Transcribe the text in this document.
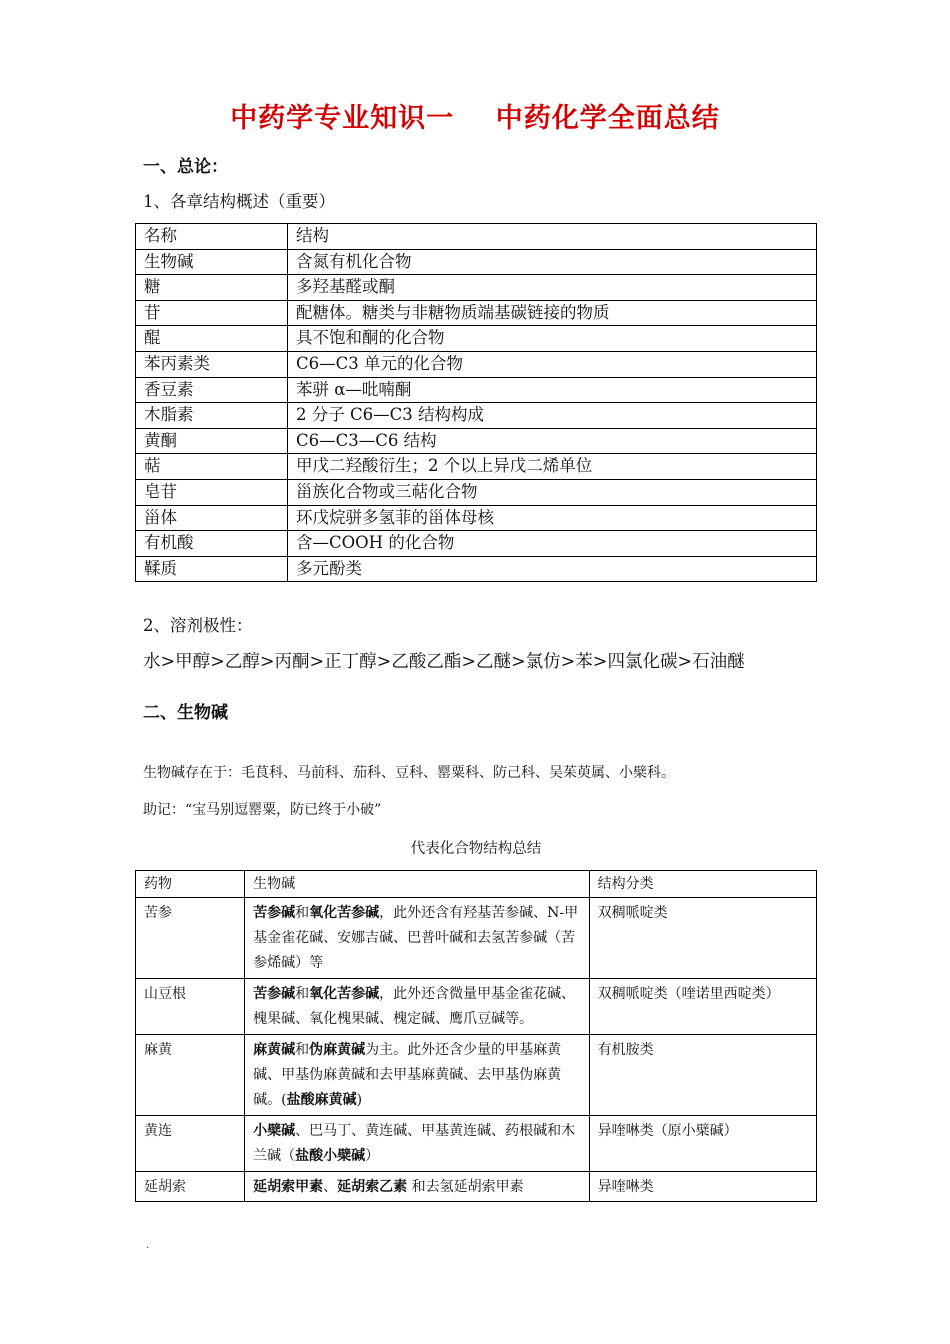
中药学专业知识一    中药化学全面总结
一、总论：
1、各章结构概述（重要）
名称	结构
生物碱	含氮有机化合物
糖	多羟基醛或酮
苷	配糖体。糖类与非糖物质端基碳链接的物质
醌	具不饱和酮的化合物
苯丙素类	C6—C3 单元的化合物
香豆素	苯骈 α—吡喃酮
木脂素	2 分子 C6—C3 结构构成
黄酮	C6—C3—C6 结构
萜	甲戊二羟酸衍生；2 个以上异戊二烯单位
皂苷	甾族化合物或三萜化合物
甾体	环戊烷骈多氢菲的甾体母核
有机酸	含—COOH 的化合物
鞣质	多元酚类
2、溶剂极性：
水>甲醇>乙醇>丙酮>正丁醇>乙酸乙酯>乙醚>氯仿>苯>四氯化碳>石油醚
二、生物碱
生物碱存在于：毛茛科、马前科、茄科、豆科、罂粟科、防己科、吴茱萸属、小檗科。
助记：“宝马别逗罂粟，防已终于小破”
代表化合物结构总结
药物	生物碱	结构分类
苦参	苦参碱和氧化苦参碱，此外还含有羟基苦参碱、N-甲基金雀花碱、安娜吉碱、巴普叶碱和去氢苦参碱（苦参烯碱）等	双稠哌啶类
山豆根	苦参碱和氧化苦参碱，此外还含微量甲基金雀花碱、槐果碱、氧化槐果碱、槐定碱、鹰爪豆碱等。	双稠哌啶类（喹诺里西啶类）
麻黄	麻黄碱和伪麻黄碱为主。此外还含少量的甲基麻黄碱、甲基伪麻黄碱和去甲基麻黄碱、去甲基伪麻黄碱。(盐酸麻黄碱)	有机胺类
黄连	小檗碱、巴马丁、黄连碱、甲基黄连碱、药根碱和木兰碱（盐酸小檗碱）	异喹啉类（原小檗碱）
延胡索	延胡索甲素、延胡索乙素 和去氢延胡索甲素	异喹啉类
.
